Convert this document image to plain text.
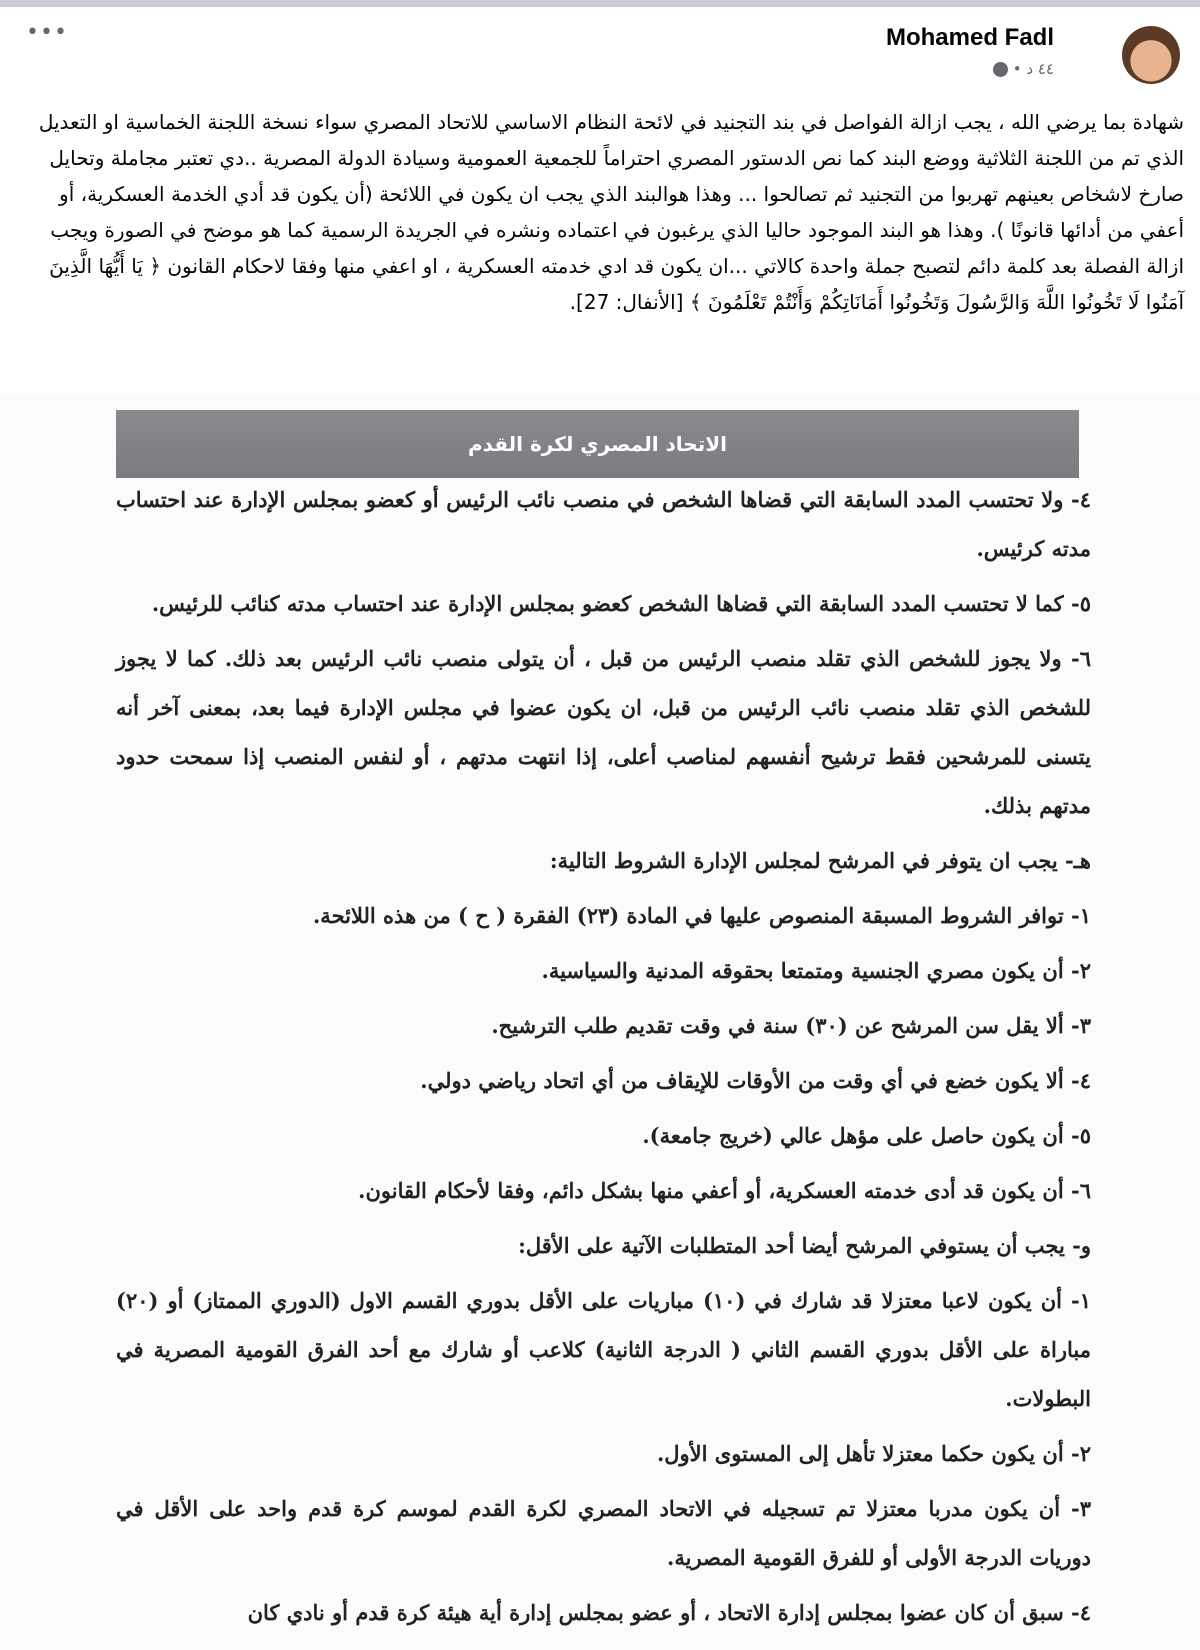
•••	Mohamed Fadl
٤٤ د •
شهادة بما يرضي الله ، يجب ازالة الفواصل في بند التجنيد في لائحة النظام الاساسي للاتحاد المصري سواء نسخة اللجنة الخماسية او التعديل الذي تم من اللجنة الثلاثية ووضع البند كما نص الدستور المصري احتراماً للجمعية العمومية وسيادة الدولة المصرية ..دي تعتبر مجاملة وتحايل صارخ لاشخاص بعينهم تهربوا من التجنيد ثم تصالحوا ... وهذا هوالبند الذي يجب ان يكون في اللائحة (أن يكون قد أدي الخدمة العسكرية، أو أعفي من أدائها قانونًا ). وهذا هو البند الموجود حاليا الذي يرغبون في اعتماده ونشره في الجريدة الرسمية كما هو موضح في الصورة ويجب ازالة الفصلة بعد كلمة دائم لتصبح جملة واحدة كالاتي ...ان يكون قد ادي خدمته العسكرية ، او اعفي منها وفقا لاحكام القانون ﴿ يَا أَيُّهَا الَّذِينَ آمَنُوا لَا تَخُونُوا اللَّهَ وَالرَّسُولَ وَتَخُونُوا أَمَانَاتِكُمْ وَأَنْتُمْ تَعْلَمُونَ ﴾ [الأنفال: 27].
الاتحاد المصري لكرة القدم

٤- ولا تحتسب المدد السابقة التي قضاها الشخص في منصب نائب الرئيس أو كعضو بمجلس الإدارة عند احتساب مدته كرئيس.

٥- كما لا تحتسب المدد السابقة التي قضاها الشخص كعضو بمجلس الإدارة عند احتساب مدته كنائب للرئيس.

٦- ولا يجوز للشخص الذي تقلد منصب الرئيس من قبل ، أن يتولى منصب نائب الرئيس بعد ذلك. كما لا يجوز للشخص الذي تقلد منصب نائب الرئيس من قبل، ان يكون عضوا في مجلس الإدارة فيما بعد، بمعنى آخر أنه يتسنى للمرشحين فقط ترشيح أنفسهم لمناصب أعلى، إذا انتهت مدتهم ، أو لنفس المنصب إذا سمحت حدود مدتهم بذلك.

هـ- يجب ان يتوفر في المرشح لمجلس الإدارة الشروط التالية:

١- توافر الشروط المسبقة المنصوص عليها في المادة (٢٣) الفقرة ( ح ) من هذه اللائحة.

٢- أن يكون مصري الجنسية ومتمتعا بحقوقه المدنية والسياسية.

٣- ألا يقل سن المرشح عن (٣٠) سنة في وقت تقديم طلب الترشيح.

٤- ألا يكون خضع في أي وقت من الأوقات للإيقاف من أي اتحاد رياضي دولي.

٥- أن يكون حاصل على مؤهل عالي (خريج جامعة).

٦- أن يكون قد أدى خدمته العسكرية، أو أعفي منها بشكل دائم، وفقا لأحكام القانون.

و- يجب أن يستوفي المرشح أيضا أحد المتطلبات الآتية على الأقل:

١- أن يكون لاعبا معتزلا قد شارك في (١٠) مباريات على الأقل بدوري القسم الاول (الدوري الممتاز) أو (٢٠) مباراة على الأقل بدوري القسم الثاني ( الدرجة الثانية) كلاعب أو شارك مع أحد الفرق القومية المصرية في البطولات.

٢- أن يكون حكما معتزلا تأهل إلى المستوى الأول.

٣- أن يكون مدربا معتزلا تم تسجيله في الاتحاد المصري لكرة القدم لموسم كرة قدم واحد على الأقل في دوريات الدرجة الأولى أو للفرق القومية المصرية.

٤- سبق أن كان عضوا بمجلس إدارة الاتحاد ، أو عضو بمجلس إدارة أية هيئة كرة قدم أو نادي كان
